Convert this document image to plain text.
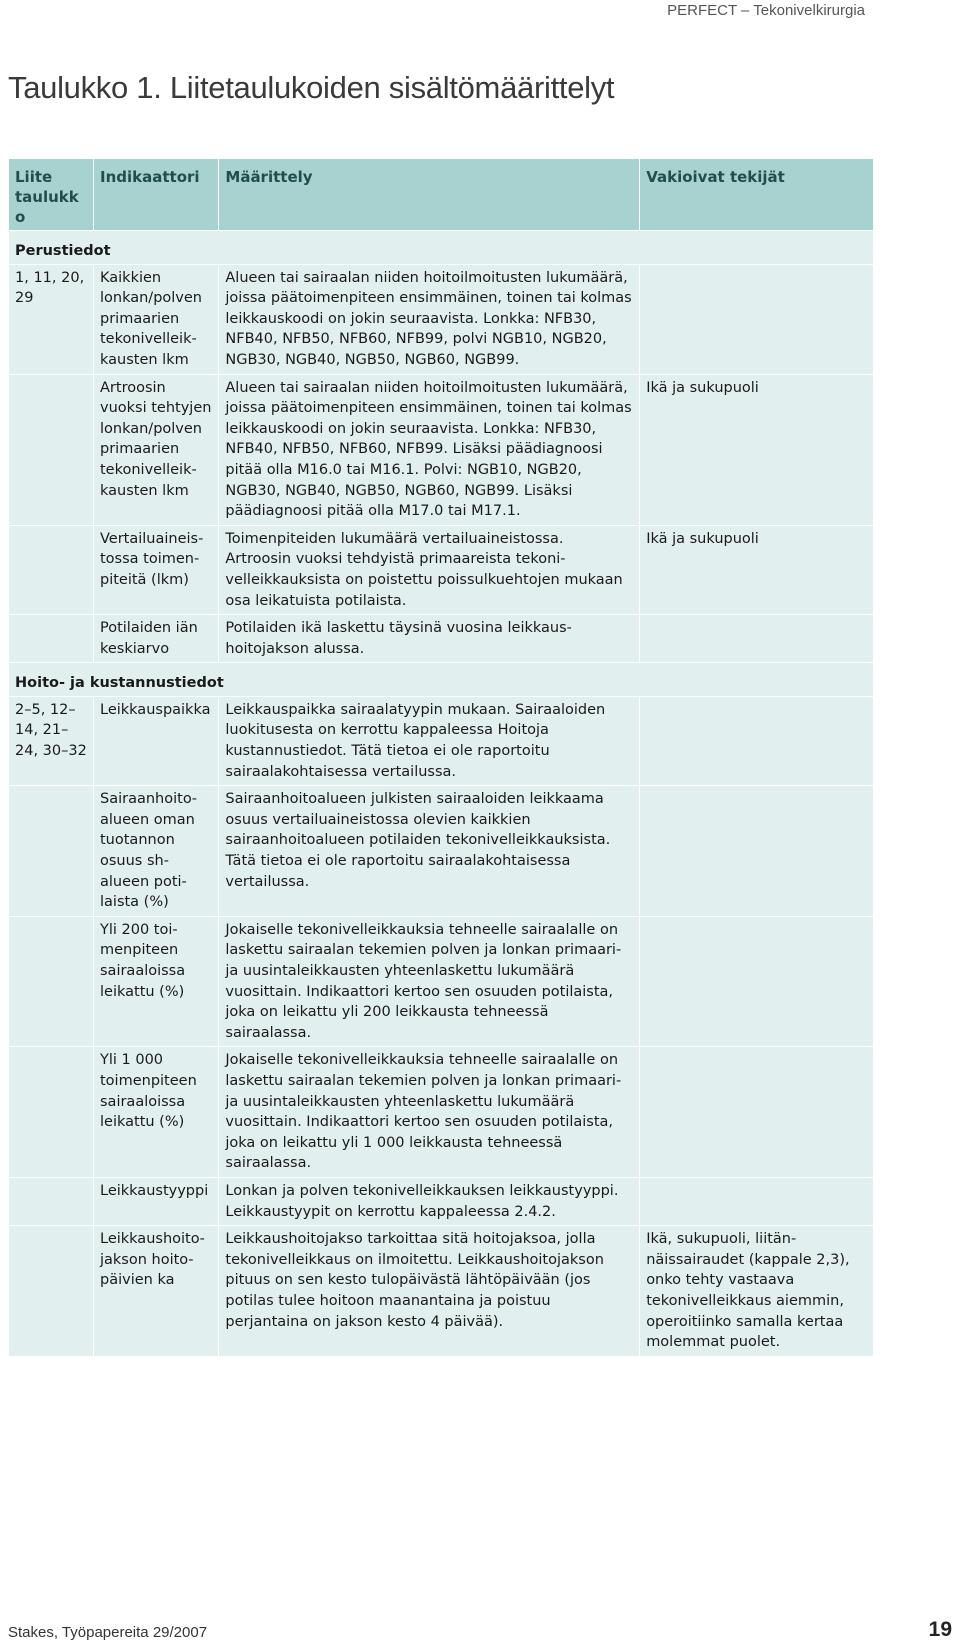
PERFECT – Tekonivelkirurgia
Taulukko 1. Liitetaulukoiden sisältömäärittelyt
Liite taulukko	Indikaattori	Määrittely	Vakioivat tekijät
Perustiedot			
1, 11, 20, 29	Kaikkien lonkan/polven primaarien tekonivelleikkausten lkm	Alueen tai sairaalan niiden hoitoilmoitusten lukumäärä, joissa päätoimenpiteen ensimmäinen, toinen tai kolmas leikkauskoodi on jokin seuraavista. Lonkka: NFB30, NFB40, NFB50, NFB60, NFB99, polvi NGB10, NGB20, NGB30, NGB40, NGB50, NGB60, NGB99.	
	Artroosin vuoksi tehtyjen lonkan/polven primaarien tekonivelleikkausten lkm	Alueen tai sairaalan niiden hoitoilmoitusten lukumäärä, joissa päätoimenpiteen ensimmäinen, toinen tai kolmas leikkauskoodi on jokin seuraavista. Lonkka: NFB30, NFB40, NFB50, NFB60, NFB99. Lisäksi päädiagnoosi pitää olla M16.0 tai M16.1. Polvi: NGB10, NGB20, NGB30, NGB40, NGB50, NGB60, NGB99. Lisäksi päädiagnoosi pitää olla M17.0 tai M17.1.	Ikä ja sukupuoli
	Vertailuaineistossa toimenpiteitä (lkm)	Toimenpiteiden lukumäärä vertailuaineistossa. Artroosin vuoksi tehdyistä primaareista tekonivelleikkauksista on poistettu poissulkuehtojen mukaan osa leikatuista potilaista.	Ikä ja sukupuoli
	Potilaiden iän keskiarvo	Potilaiden ikä laskettu täysinä vuosina leikkaushoitojakson alussa.	
Hoito- ja kustannustiedot			
2–5, 12–14, 21–24, 30–32	Leikkauspaikka	Leikkauspaikka sairaalatyypin mukaan. Sairaaloiden luokitusesta on kerrottu kappaleessa Hoitoja kustannustiedot. Tätä tietoa ei ole raportoitu sairaalakohtaisessa vertailussa.	
	Sairaanhoitoalueen oman tuotannon osuus shalueen potilaista (%)	Sairaanhoitoalueen julkisten sairaaloiden leikkaama osuus vertailuaineistossa olevien kaikkien sairaanhoitoalueen potilaiden tekonivelleikkauksista. Tätä tietoa ei ole raportoitu sairaalakohtaisessa vertailussa.	
	Yli 200 toimenpiteen sairaaloissa leikattu (%)	Jokaiselle tekonivelleikkauksia tehneelle sairaalalle on laskettu sairaalan tekemien polven ja lonkan primaari- ja uusintaleikkausten yhteenlaskettu lukumäärä vuosittain. Indikaattori kertoo sen osuuden potilaista, joka on leikattu yli 200 leikkausta tehneessä sairaalassa.	
	Yli 1 000 toimenpiteen sairaaloissa leikattu (%)	Jokaiselle tekonivelleikkauksia tehneelle sairaalalle on laskettu sairaalan tekemien polven ja lonkan primaari- ja uusintaleikkausten yhteenlaskettu lukumäärä vuosittain. Indikaattori kertoo sen osuuden potilaista, joka on leikattu yli 1 000 leikkausta tehneessä sairaalassa.	
	Leikkaustyyppi	Lonkan ja polven tekonivelleikkauksen leikkaustyyppi. Leikkaustyypit on kerrottu kappaleessa 2.4.2.	
	Leikkaushoitojakson hoitopäivien ka	Leikkaushoitojakso tarkoittaa sitä hoitojaksoa, jolla tekonivelleikkaus on ilmoitettu. Leikkaushoitojakson pituus on sen kesto tulopäivästä lähtöpäivään (jos potilas tulee hoitoon maanantaina ja poistuu perjantaina on jakson kesto 4 päivää).	Ikä, sukupuoli, liitännäissairaudet (kappale 2,3), onko tehty vastaava tekonivelleikkaus aiemmin, operoitiinko samalla kertaa molemmat puolet.
Stakes, Työpapereita 29/2007	19
